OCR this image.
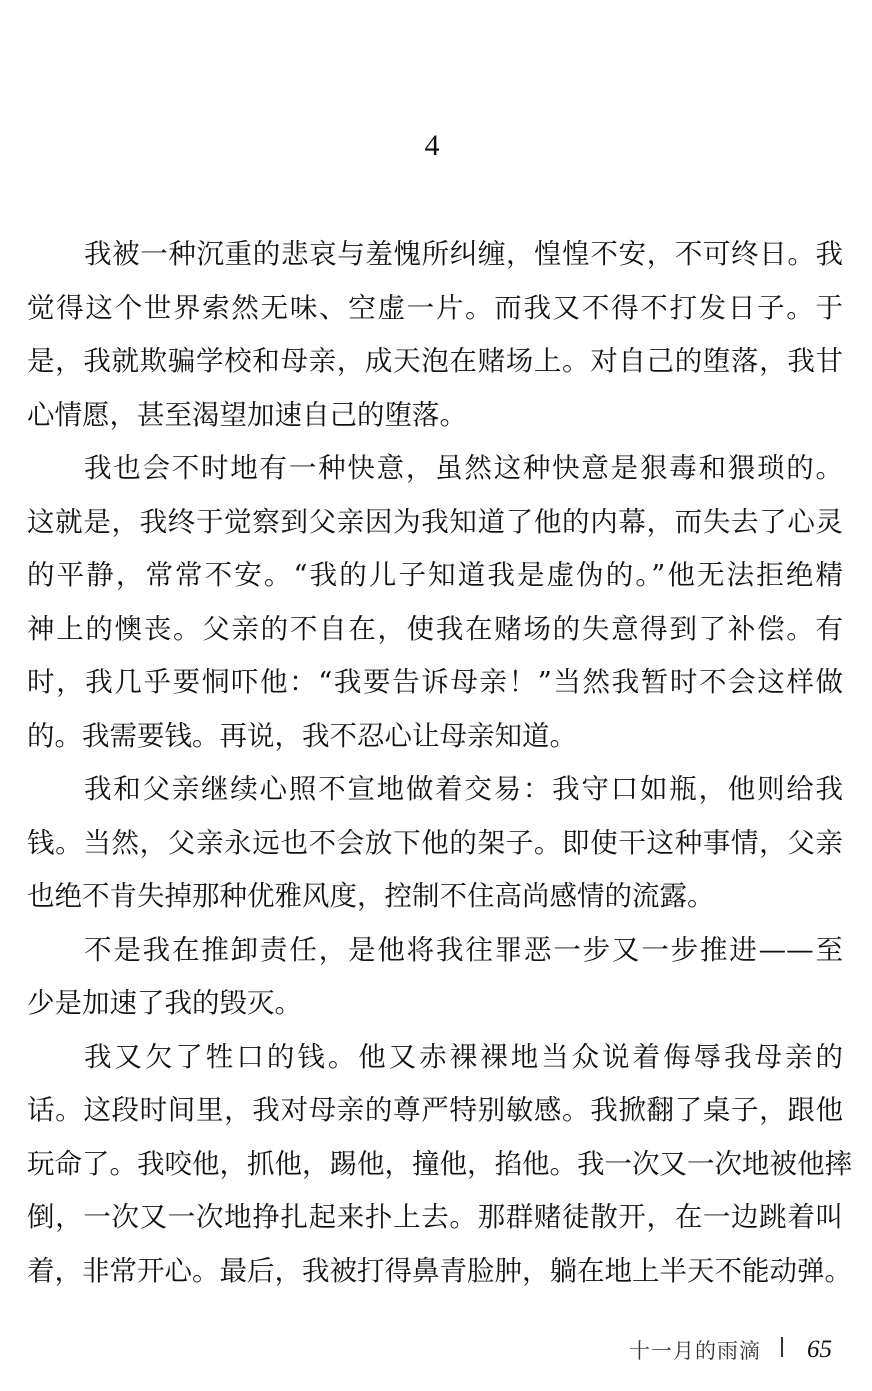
4
我被一种沉重的悲哀与羞愧所纠缠，惶惶不安，不可终日。我
觉得这个世界索然无味、空虚一片。而我又不得不打发日子。于
是，我就欺骗学校和母亲，成天泡在赌场上。对自己的堕落，我甘
心情愿，甚至渴望加速自己的堕落。
我也会不时地有一种快意，虽然这种快意是狠毒和猥琐的。
这就是，我终于觉察到父亲因为我知道了他的内幕，而失去了心灵
的平静，常常不安。“我的儿子知道我是虚伪的。”他无法拒绝精
神上的懊丧。父亲的不自在，使我在赌场的失意得到了补偿。有
时，我几乎要恫吓他：“我要告诉母亲！”当然我暂时不会这样做
的。我需要钱。再说，我不忍心让母亲知道。
我和父亲继续心照不宣地做着交易：我守口如瓶，他则给我
钱。当然，父亲永远也不会放下他的架子。即使干这种事情，父亲
也绝不肯失掉那种优雅风度，控制不住高尚感情的流露。
不是我在推卸责任，是他将我往罪恶一步又一步推进——至
少是加速了我的毁灭。
我又欠了牲口的钱。他又赤裸裸地当众说着侮辱我母亲的
话。这段时间里，我对母亲的尊严特别敏感。我掀翻了桌子，跟他
玩命了。我咬他，抓他，踢他，撞他，掐他。我一次又一次地被他摔
倒，一次又一次地挣扎起来扑上去。那群赌徒散开，在一边跳着叫
着，非常开心。最后，我被打得鼻青脸肿，躺在地上半天不能动弹。
十一月的雨滴 65
